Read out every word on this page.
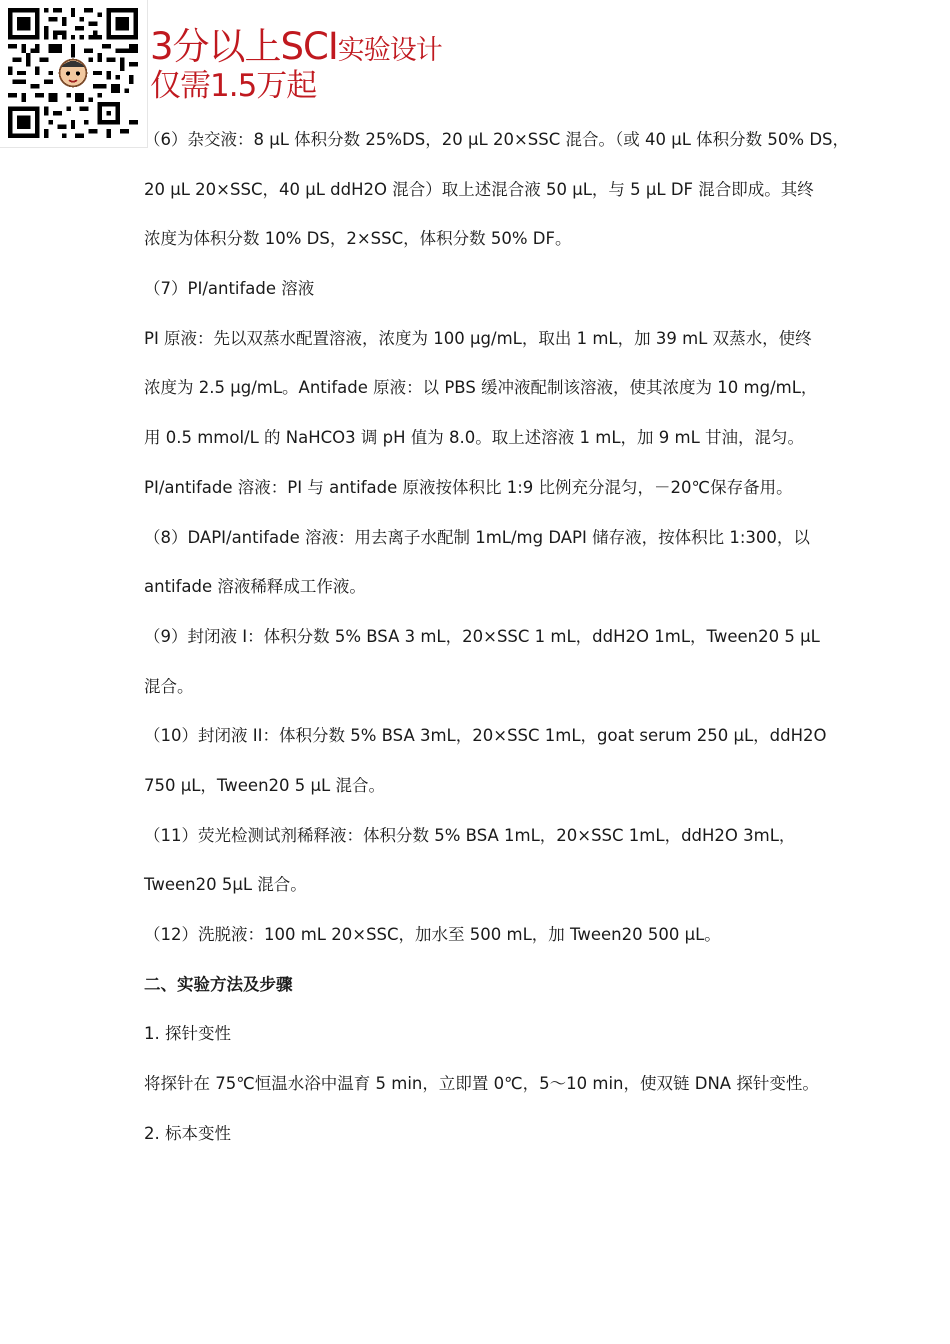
3分以上SCI实验设计
仅需1.5万起

（6）杂交液：8 µL 体积分数 25%DS，20 µL 20×SSC 混合。（或 40 µL 体积分数 50% DS，

20 µL 20×SSC，40 µL ddH2O 混合）取上述混合液 50 µL，与 5 µL DF 混合即成。其终

浓度为体积分数 10% DS，2×SSC，体积分数 50% DF。

（7）PI/antifade 溶液

PI 原液：先以双蒸水配置溶液，浓度为 100 µg/mL，取出 1 mL，加 39 mL 双蒸水，使终

浓度为 2.5 µg/mL。Antifade 原液：以 PBS 缓冲液配制该溶液，使其浓度为 10 mg/mL，

用 0.5 mmol/L 的 NaHCO3 调 pH 值为 8.0。取上述溶液 1 mL，加 9 mL 甘油，混匀。

PI/antifade 溶液：PI 与 antifade 原液按体积比 1:9 比例充分混匀，－20℃保存备用。

（8）DAPI/antifade 溶液：用去离子水配制 1mL/mg DAPI 储存液，按体积比 1:300，以

antifade 溶液稀释成工作液。

（9）封闭液 I：体积分数 5% BSA 3 mL，20×SSC 1 mL，ddH2O 1mL，Tween20 5 µL

混合。

（10）封闭液 II：体积分数 5% BSA 3mL，20×SSC 1mL，goat serum 250 µL，ddH2O

750 µL，Tween20 5 µL 混合。

（11）荧光检测试剂稀释液：体积分数 5% BSA 1mL，20×SSC 1mL，ddH2O 3mL，

Tween20 5µL 混合。

（12）洗脱液：100 mL 20×SSC，加水至 500 mL，加 Tween20 500 µL。

二、实验方法及步骤

1. 探针变性

将探针在 75℃恒温水浴中温育 5 min，立即置 0℃，5～10 min，使双链 DNA 探针变性。

2. 标本变性
